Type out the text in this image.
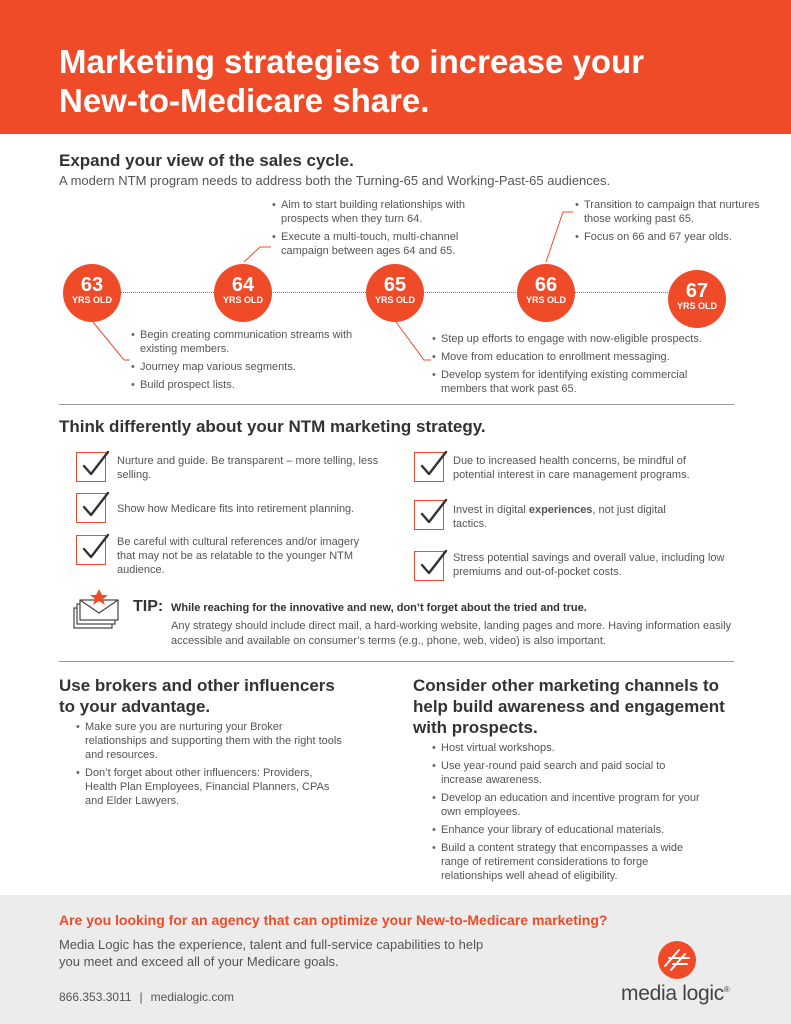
Marketing strategies to increase your
New-to-Medicare share.
Expand your view of the sales cycle.
A modern NTM program needs to address both the Turning-65 and Working-Past-65 audiences.
• Aim to start building relationships with prospects when they turn 64.
• Execute a multi-touch, multi-channel campaign between ages 64 and 65.
• Transition to campaign that nurtures those working past 65.
• Focus on 66 and 67 year olds.
63
YRS OLD
64
YRS OLD
65
YRS OLD
66
YRS OLD	67
YRS OLD
• Begin creating communication streams with existing members.
• Journey map various segments.
• Build prospect lists.
• Step up efforts to engage with now-eligible prospects.
• Move from education to enrollment messaging.
• Develop system for identifying existing commercial members that work past 65.
Think differently about your NTM marketing strategy.
Nurture and guide. Be transparent – more telling, less selling.
Show how Medicare fits into retirement planning.
Be careful with cultural references and/or imagery that may not be as relatable to the younger NTM audience.
Due to increased health concerns, be mindful of potential interest in care management programs.
Invest in digital experiences, not just digital tactics.
Stress potential savings and overall value, including low premiums and out-of-pocket costs.
TIP: While reaching for the innovative and new, don’t forget about the tried and true.
Any strategy should include direct mail, a hard-working website, landing pages and more. Having information easily accessible and available on consumer’s terms (e.g., phone, web, video) is also important.
Use brokers and other influencers
to your advantage.
• Make sure you are nurturing your Broker relationships and supporting them with the right tools and resources.
• Don’t forget about other influencers: Providers, Health Plan Employees, Financial Planners, CPAs and Elder Lawyers.
Consider other marketing channels to
help build awareness and engagement
with prospects.
• Host virtual workshops.
• Use year-round paid search and paid social to increase awareness.
• Develop an education and incentive program for your own employees.
• Enhance your library of educational materials.
• Build a content strategy that encompasses a wide range of retirement considerations to forge relationships well ahead of eligibility.
Are you looking for an agency that can optimize your New-to-Medicare marketing?
Media Logic has the experience, talent and full-service capabilities to help you meet and exceed all of your Medicare goals.
866.353.3011 | medialogic.com	media logic®
